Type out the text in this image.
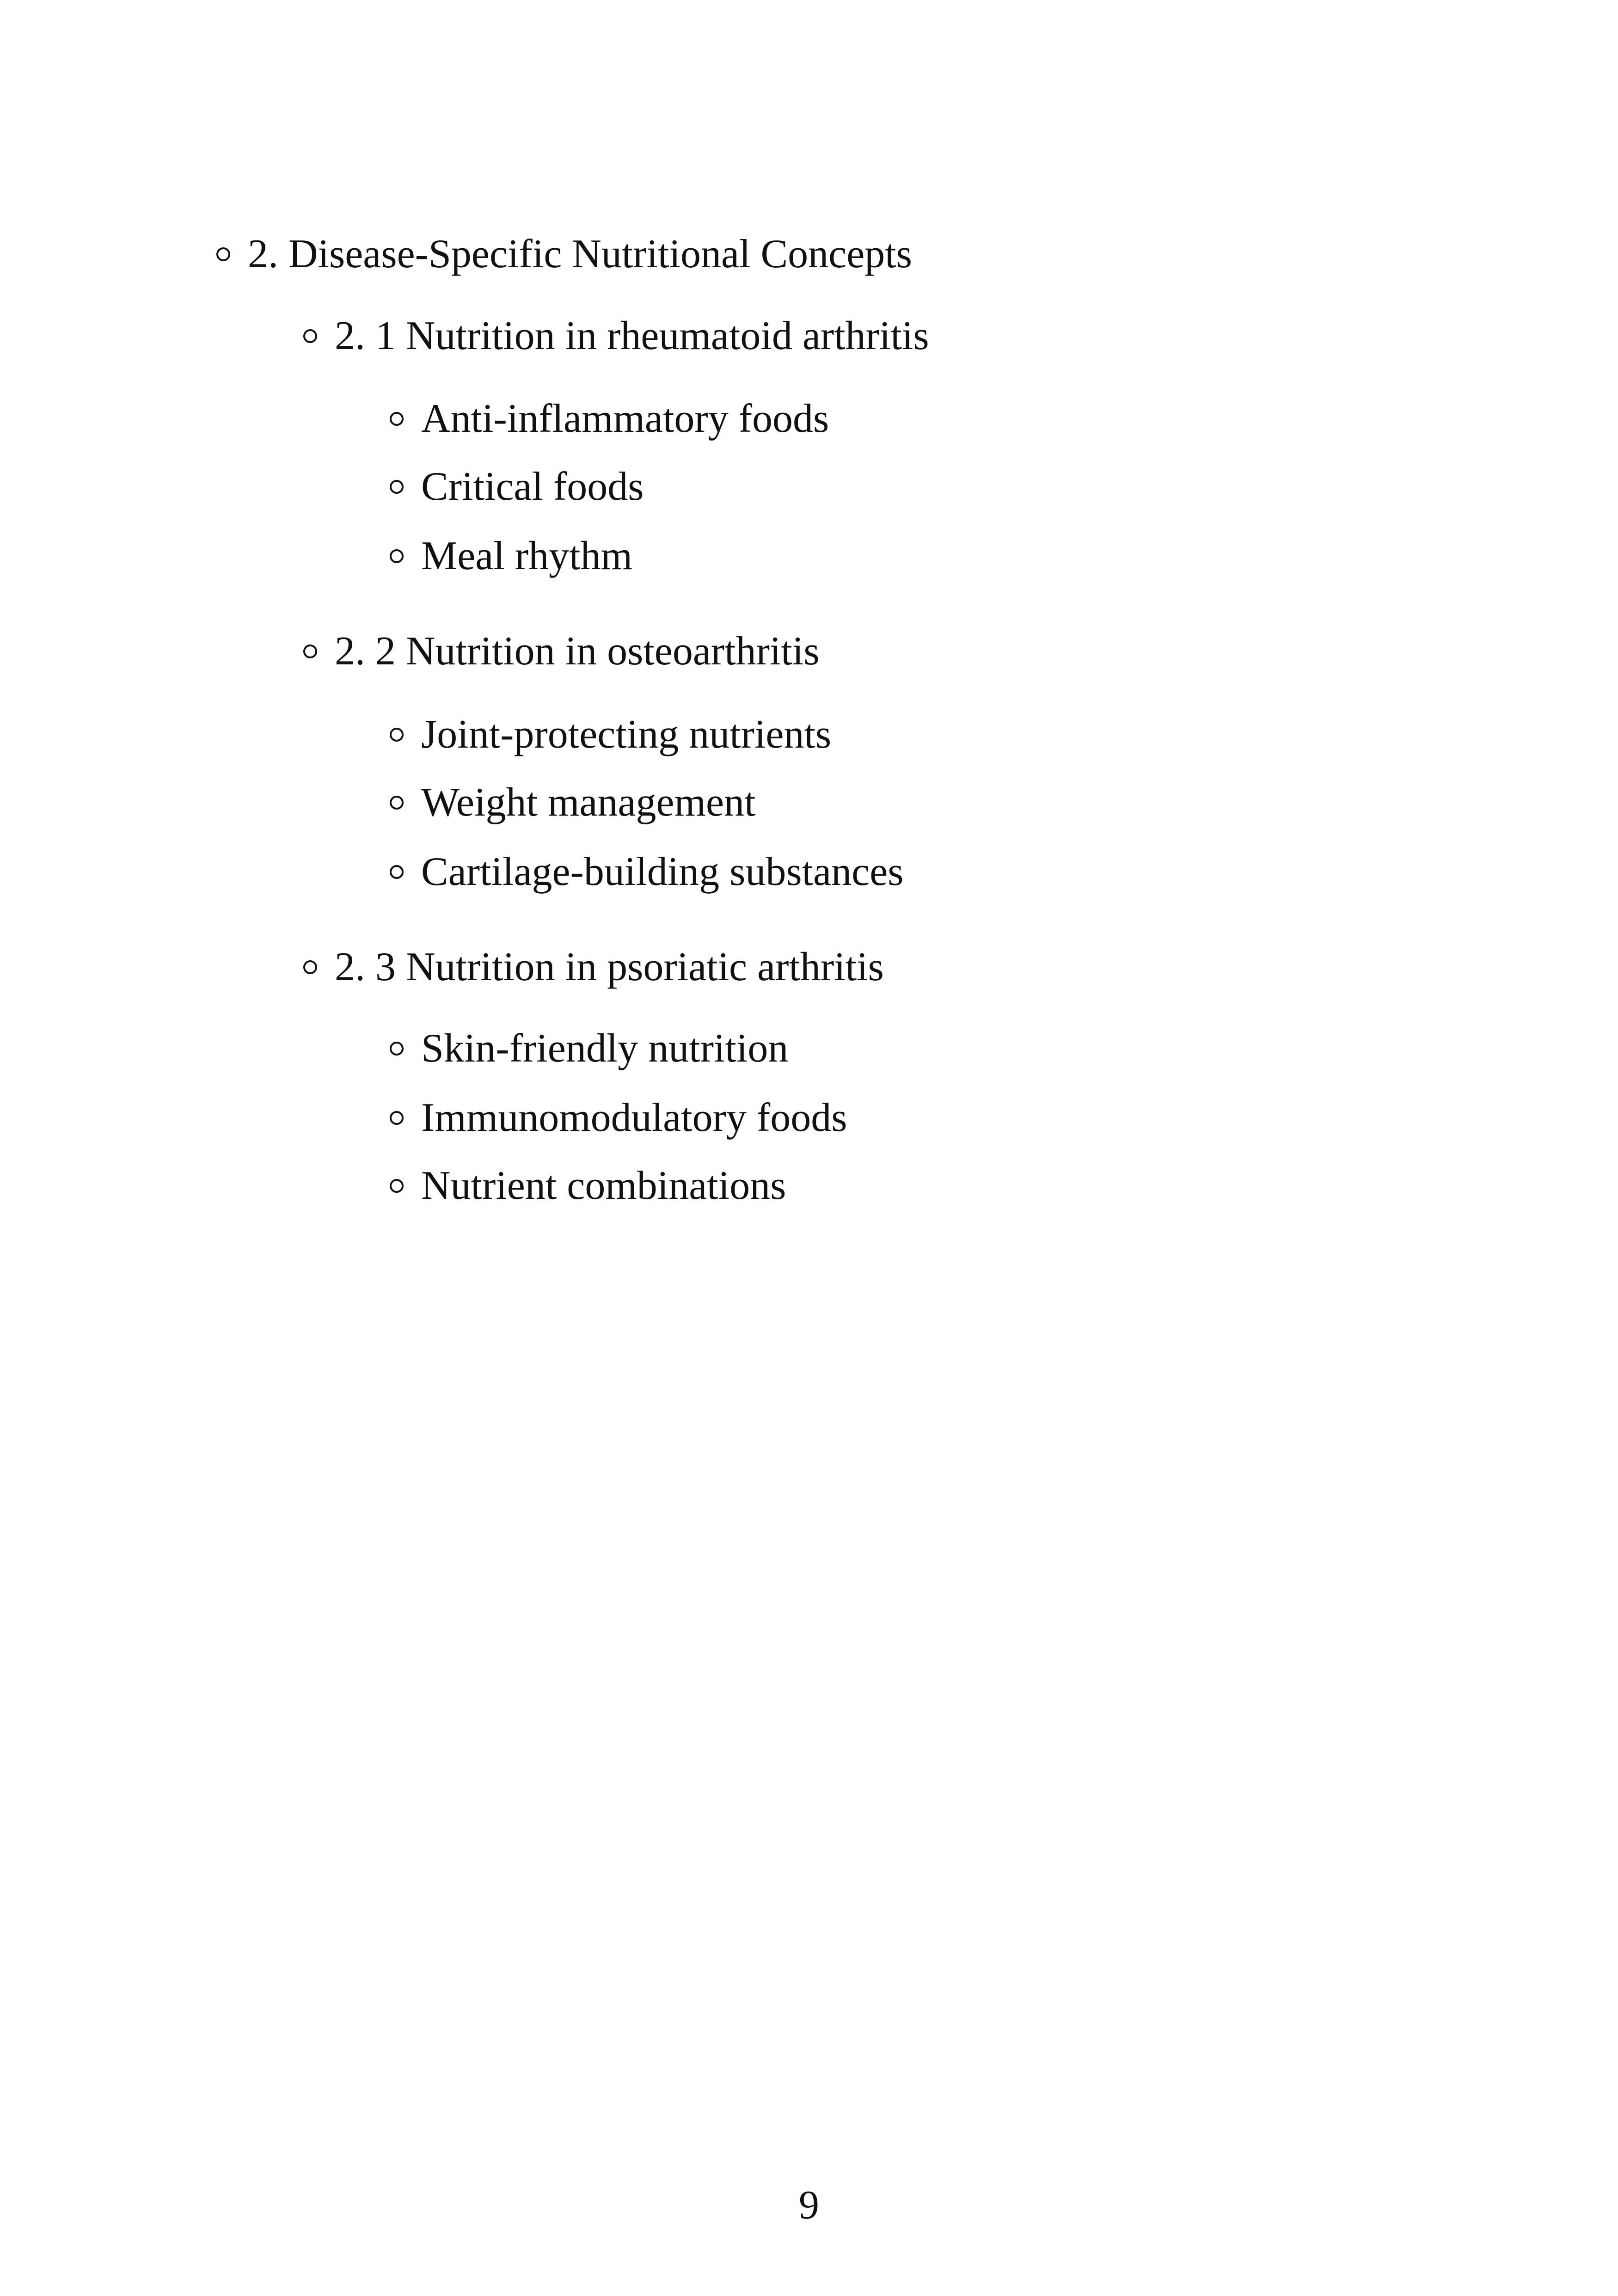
2. Disease-Specific Nutritional Concepts
2. 1 Nutrition in rheumatoid arthritis
Anti-inflammatory foods
Critical foods
Meal rhythm
2. 2 Nutrition in osteoarthritis
Joint-protecting nutrients
Weight management
Cartilage-building substances
2. 3 Nutrition in psoriatic arthritis
Skin-friendly nutrition
Immunomodulatory foods
Nutrient combinations
9
